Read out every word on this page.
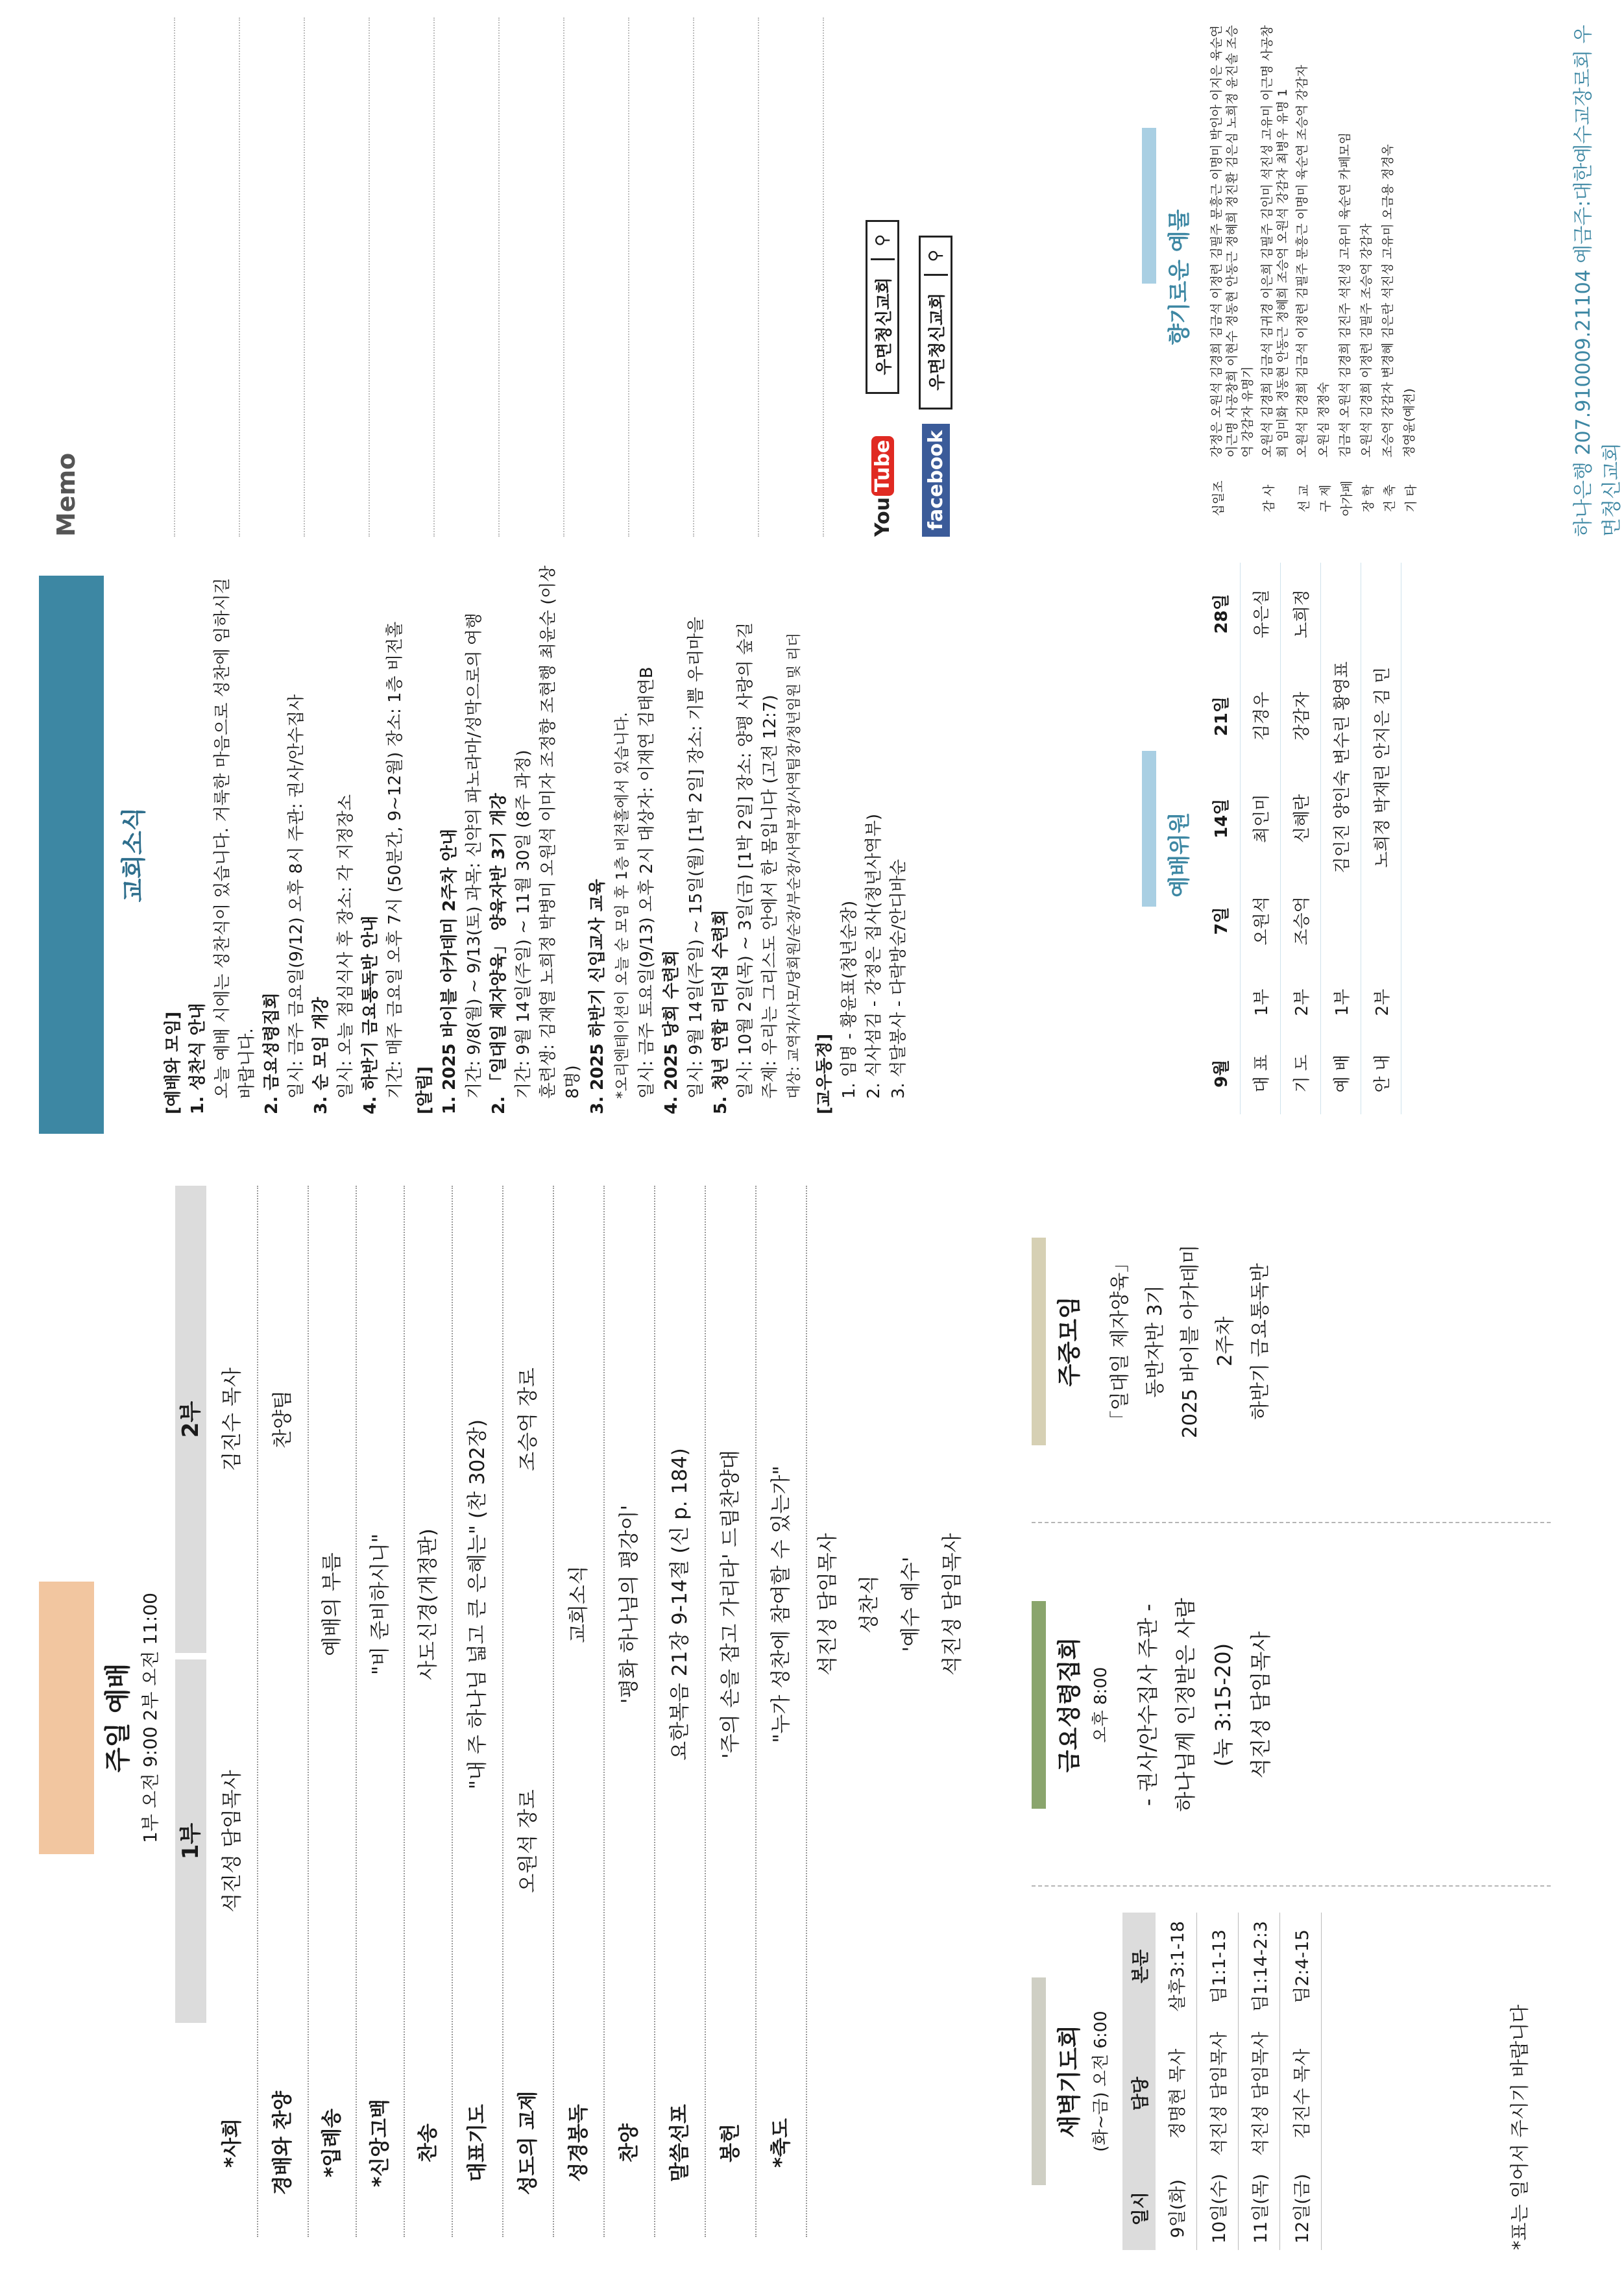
주일 예배 1부 오전 9:00 2부 오전 11:00 1부
2부
*사회
석진성 담임목사
김진수 목사
경배와 찬양
찬양팀
*입례송
예배의 부름
*신앙고백
"비 준비하시니"
찬송
사도신경(개정판)
대표기도
"내 주 하나님 넓고 큰 은혜는" (찬 302장)
성도의 교제
오원석 장로
조승억 장로
성경봉독
교회소식
찬양
'평화 하나님의 평강이'
말씀선포
요한복음 21장 9-14절 (신 p. 184)
봉헌
'주의 손을 잡고 가리라' 드림찬양대
*축도
"누가 성찬에 참여할 수 있는가"	석진성 담임목사 성찬식 '예수 예수' 석진성 담임목사
새벽기도회 (화~금) 오전 6:00
일시	담당	본문
9일(화)	정명현 목사	살후3:1-18
10일(수)	석진성 담임목사	딤1:1-13
11일(목)	석진성 담임목사	딤1:14-2:3
12일(금)	김진수 목사	딤2:4-15
*표는 일어서 주시기 바랍니다
금요성령집회 오후 8:00	- 권사/안수집사 주관 - 하나님께 인정받은 사람 (눅 3:15-20) 석진성 담임목사
주중모임	「일대일 제자양육」 동반자반 3기 2025 바이블 아카데미 2주차 하반기 금요통독반
교회소식
[예배와 모임] 1. 성찬식 안내 오늘 예배 시에는 성찬식이 있습니다. 거룩한 마음으로 성찬에 임하시길 바랍니다. 2. 금요성령집회 일시: 금주 금요일(9/12) 오후 8시 주관: 권사/안수집사 3. 순 모임 개강 일시: 오늘 점심식사 후 장소: 각 지정장소 4. 하반기 금요통독반 안내 기간: 매주 금요일 오후 7시 (50분간, 9~12월) 장소: 1층 비전홀 [알림] 1. 2025 바이블 아카데미 2주차 안내 기간: 9/8(월) ~ 9/13(토) 과목: 신약의 파노라마/성막으로의 여행 2. 「일대일 제자양육」 양육자반 3기 개강 기간: 9월 14일(주일) ~ 11월 30일 (8주 과정) 훈련생: 김재열 노희정 박병미 오원석 이미자 조정향 조현행 최윤순 (이상 8명) 3. 2025 하반기 신입교사 교육 *오리엔테이션이 오늘 순 모임 후 1층 비전홀에서 있습니다. 일시: 금주 토요일(9/13) 오후 2시 대상자: 이재연 김태연B 4. 2025 당회 수련회 일시: 9월 14일(주일) ~ 15일(월) [1박 2일] 장소: 기쁨 우리마을 5. 청년 연합 리더십 수련회 일시: 10월 2일(목) ~ 3일(금) [1박 2일] 장소: 양평 사랑의 숲길 주제: 우리는 그리스도 안에서 한 몸입니다 (고전 12:7) 대상: 교역자/사모/당회원/순장/부순장/사역부장/사역팀장/청년임원 및 리더 [교우동정] 1. 임명 - 황윤표(청년순장) 2. 식사섬김 - 강정은 집사(청년사역부) 3. 석달봉사 - 다락방순/안디바순
예배위원
9월		7일	14일	21일	28일
대 표	1부	오원석	최인미	김경우	유은실
기 도	2부	조승억	신혜란	강감자	노희정
예 배	1부	김인진 양인숙 변수린 황영표			
안 내	2부	노희정 박재린 안지은 김 민			
Memo	YouTube
우면청신교회
⚲
facebook
우면청신교회
⚲	향기로운 예물
십일조	강정은 오원석 김경희 김금석 이정련 김필주 문흥근 이명미 박인아 이지은 육순연 이근명 사공창희 이현수 정동현 안동근 정혜희 정진환 김은심 노희정 윤진솔 조승억 강감자 유명기
감 사	오원석 김경희 김금석 김귀경 이은희 김필주 김인미 석진성 고유미 이근명 사공창희 임미화 정동현 안동근 정혜희 조승억 오원석 강감자 최병우 유명 1
선 교	오원석 김경희 김금석 이정련 김필주 문흥근 이명미 육순연 조승억 강감자
구 제	오원심 정정숙
아가페	김금석 오원석 김경희 김진주 석진성 고유미 육순연 카페모임
장 학	오원석 김경희 이정련 김필주 조승억 강감자
건 축	조승억 강감자 변경혜 김은란 석진성 고유미 오금용 정경옥
기 타	정영윤(예전)	하나은행 207.910009.21104 예금주:대한예수교장로회 우면청신교회
